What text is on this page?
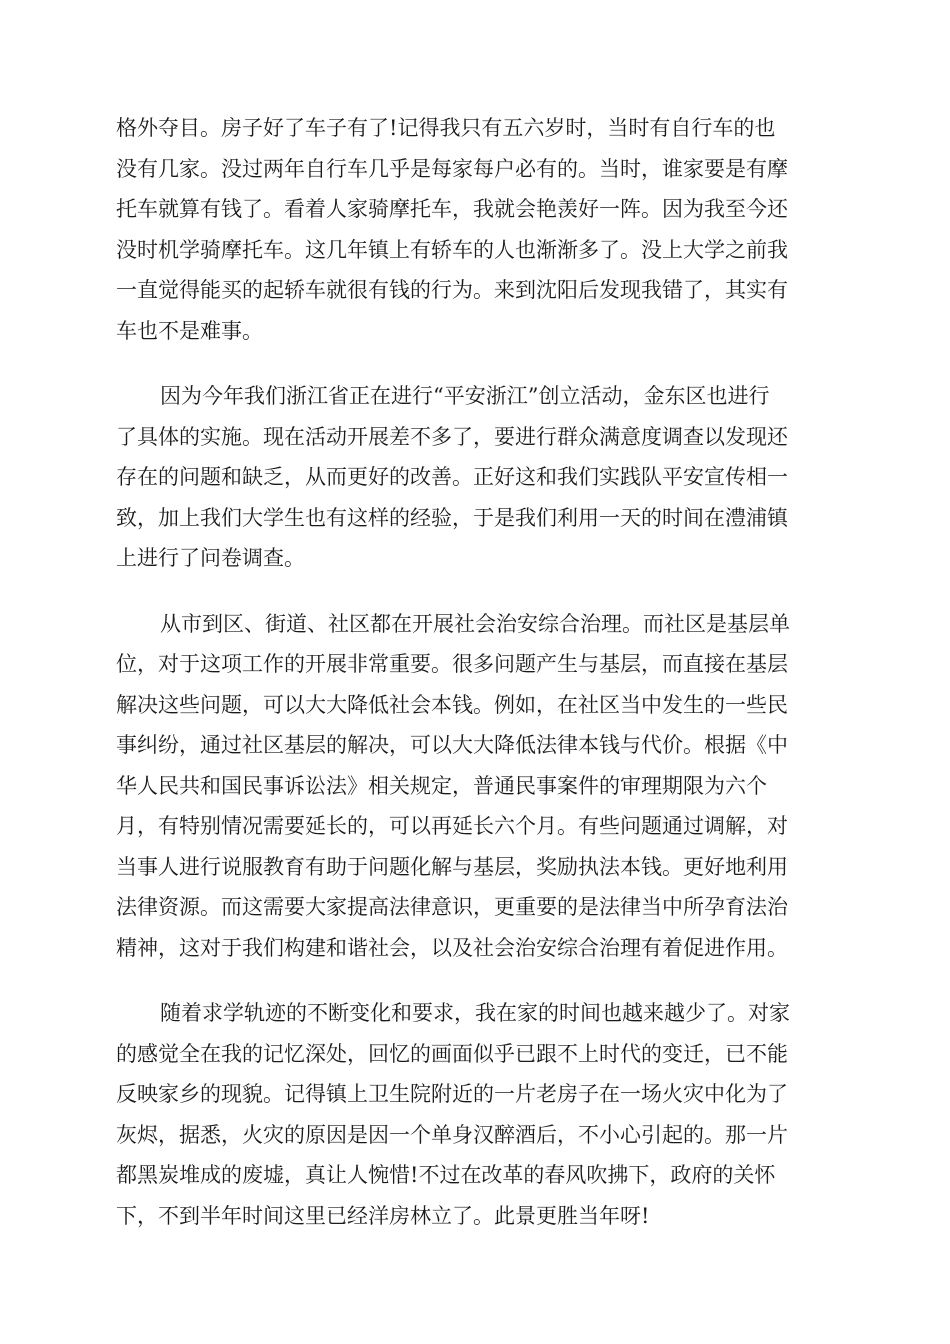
格外夺目。房子好了车子有了!记得我只有五六岁时，当时有自行车的也
没有几家。没过两年自行车几乎是每家每户必有的。当时，谁家要是有摩
托车就算有钱了。看着人家骑摩托车，我就会艳羡好一阵。因为我至今还
没时机学骑摩托车。这几年镇上有轿车的人也渐渐多了。没上大学之前我
一直觉得能买的起轿车就很有钱的行为。来到沈阳后发现我错了，其实有
车也不是难事。

因为今年我们浙江省正在进行“平安浙江”创立活动，金东区也进行
了具体的实施。现在活动开展差不多了，要进行群众满意度调查以发现还
存在的问题和缺乏，从而更好的改善。正好这和我们实践队平安宣传相一
致，加上我们大学生也有这样的经验，于是我们利用一天的时间在澧浦镇
上进行了问卷调查。

从市到区、街道、社区都在开展社会治安综合治理。而社区是基层单
位，对于这项工作的开展非常重要。很多问题产生与基层，而直接在基层
解决这些问题，可以大大降低社会本钱。例如，在社区当中发生的一些民
事纠纷，通过社区基层的解决，可以大大降低法律本钱与代价。根据《中
华人民共和国民事诉讼法》相关规定，普通民事案件的审理期限为六个
月，有特别情况需要延长的，可以再延长六个月。有些问题通过调解，对
当事人进行说服教育有助于问题化解与基层，奖励执法本钱。更好地利用
法律资源。而这需要大家提高法律意识，更重要的是法律当中所孕育法治
精神，这对于我们构建和谐社会，以及社会治安综合治理有着促进作用。

随着求学轨迹的不断变化和要求，我在家的时间也越来越少了。对家
的感觉全在我的记忆深处，回忆的画面似乎已跟不上时代的变迁，已不能
反映家乡的现貌。记得镇上卫生院附近的一片老房子在一场火灾中化为了
灰烬，据悉，火灾的原因是因一个单身汉醉酒后，不小心引起的。那一片
都黑炭堆成的废墟，真让人惋惜!不过在改革的春风吹拂下，政府的关怀
下，不到半年时间这里已经洋房林立了。此景更胜当年呀!
